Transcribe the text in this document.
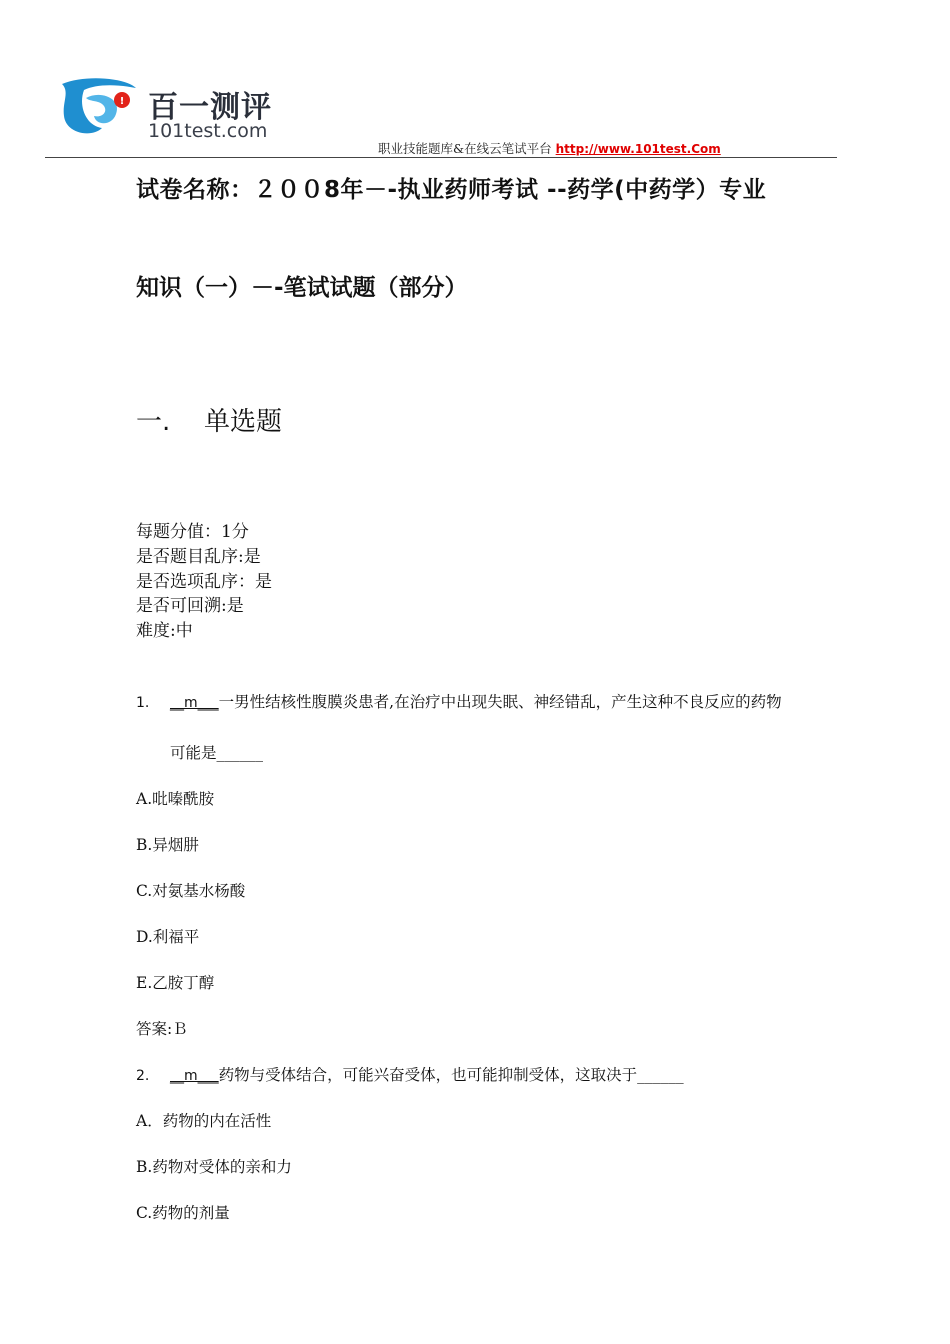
! 百一测评
101test.com
职业技能题库&在线云笔试平台 http://www.101test.Com
试卷名称：２００8年－-执业药师考试 --药学(中药学）专业
知识（一）－-笔试试题（部分）
一. 单选题
每题分值：1分
是否题目乱序:是
是否选项乱序：是
是否可回溯:是
难度:中
1. __m___一男性结核性腹膜炎患者,在治疗中出现失眠、神经错乱，产生这种不良反应的药物
可能是______
A.吡嗪酰胺
B.异烟肼
C.对氨基水杨酸
D.利福平
E.乙胺丁醇
答案:Ｂ
2. __m___药物与受体结合，可能兴奋受体，也可能抑制受体，这取决于______
A．药物的内在活性
B.药物对受体的亲和力
C.药物的剂量
